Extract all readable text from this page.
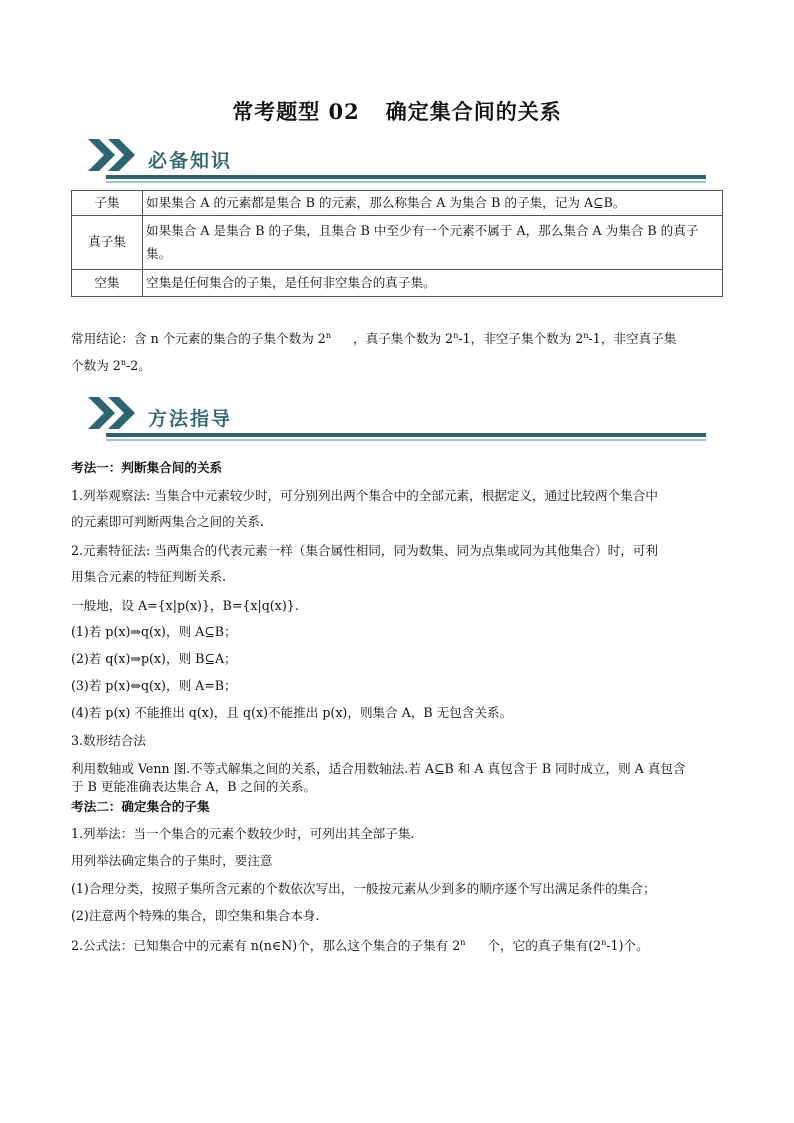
常考题型 02 确定集合间的关系
必备知识
子集	如果集合 A 的元素都是集合 B 的元素，那么称集合 A 为集合 B 的子集，记为 A⊆B。
真子集	如果集合 A 是集合 B 的子集，且集合 B 中至少有一个元素不属于 A，那么集合 A 为集合 B 的真子集。
空集	空集是任何集合的子集，是任何非空集合的真子集。
常用结论：含 n 个元素的集合的子集个数为 2$^n$ ，真子集个数为 2$^n$-1，非空子集个数为 2$^n$-1，非空真子集
个数为 2$^n$-2。
方法指导
考法一：判断集合间的关系
1.列举观察法: 当集合中元素较少时，可分别列出两个集合中的全部元素，根据定义，通过比较两个集合中
的元素即可判断两集合之间的关系.
2.元素特征法: 当两集合的代表元素一样（集合属性相同，同为数集、同为点集或同为其他集合）时，可利
用集合元素的特征判断关系.
一般地，设 A={x|p(x)}，B={x|q(x)}.
(1)若 p(x)⇒q(x)，则 A⊆B；
(2)若 q(x)⇒p(x)，则 B⊆A；
(3)若 p(x)⇔q(x)，则 A=B；
(4)若 p(x) 不能推出 q(x)，且 q(x)不能推出 p(x)，则集合 A，B 无包含关系。
3.数形结合法
利用数轴或 Venn 图.不等式解集之间的关系，适合用数轴法.若 A⊆B 和 A 真包含于 B 同时成立，则 A 真包含
于 B 更能准确表达集合 A，B 之间的关系。
考法二：确定集合的子集
1.列举法：当一个集合的元素个数较少时，可列出其全部子集.
用列举法确定集合的子集时，要注意
(1)合理分类，按照子集所含元素的个数依次写出，一般按元素从少到多的顺序逐个写出满足条件的集合；
(2)注意两个特殊的集合，即空集和集合本身.
2.公式法：已知集合中的元素有 n(n∈N)个，那么这个集合的子集有 2$^n$ 个，它的真子集有(2$^n$-1)个。
